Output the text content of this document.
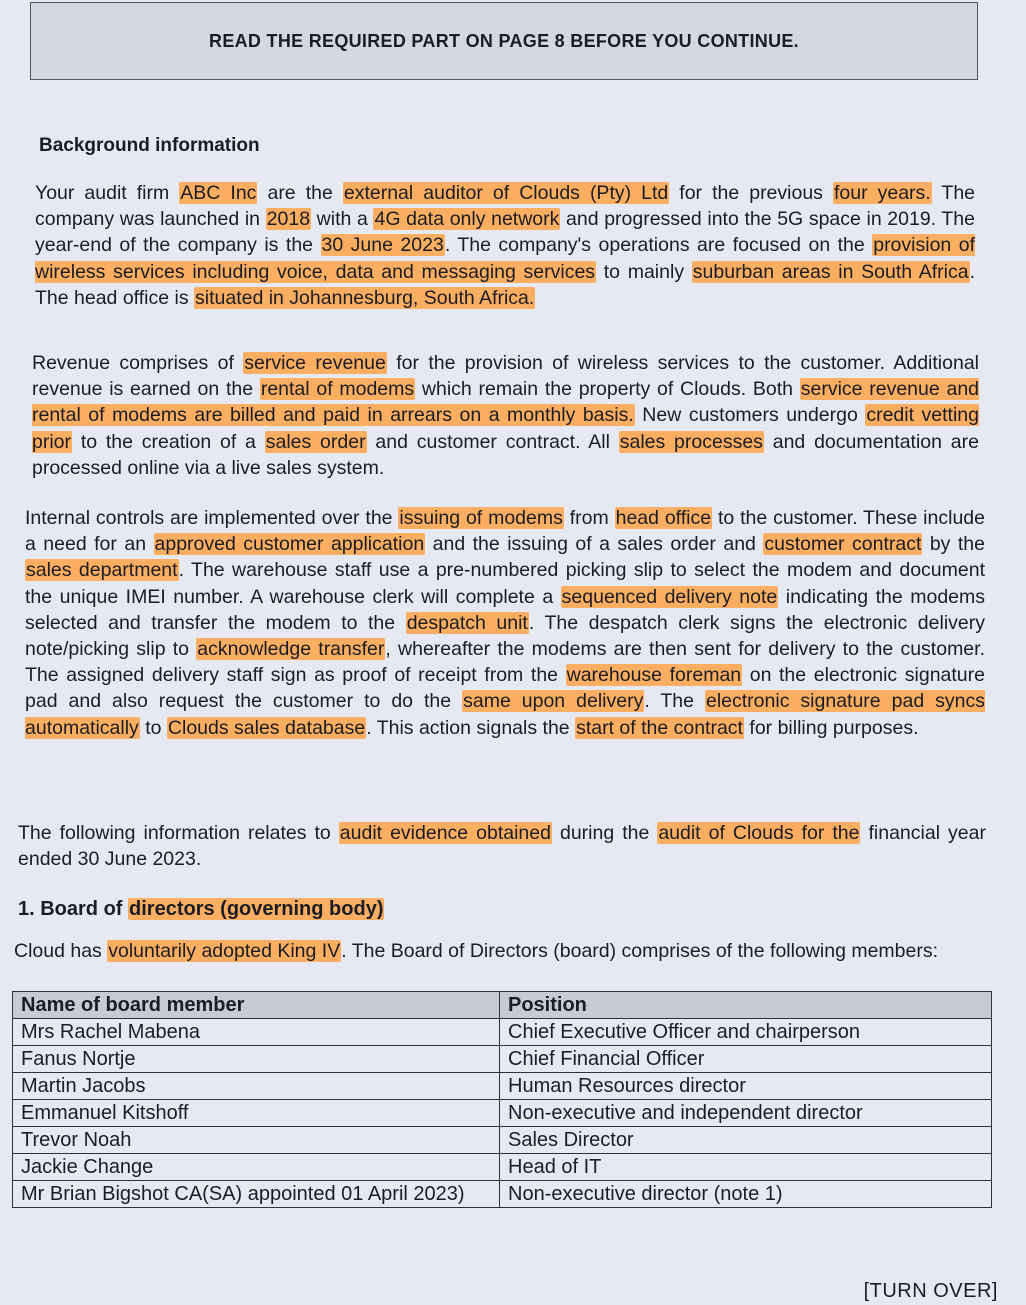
READ THE REQUIRED PART ON PAGE 8 BEFORE YOU CONTINUE.
Background information

Your audit firm ABC Inc are the external auditor of Clouds (Pty) Ltd for the previous four years. The company was launched in 2018 with a 4G data only network and progressed into the 5G space in 2019. The year-end of the company is the 30 June 2023. The company's operations are focused on the provision of wireless services including voice, data and messaging services to mainly suburban areas in South Africa. The head office is situated in Johannesburg, South Africa.

Revenue comprises of service revenue for the provision of wireless services to the customer. Additional revenue is earned on the rental of modems which remain the property of Clouds. Both service revenue and rental of modems are billed and paid in arrears on a monthly basis. New customers undergo credit vetting prior to the creation of a sales order and customer contract. All sales processes and documentation are processed online via a live sales system.

Internal controls are implemented over the issuing of modems from head office to the customer. These include a need for an approved customer application and the issuing of a sales order and customer contract by the sales department. The warehouse staff use a pre-numbered picking slip to select the modem and document the unique IMEI number. A warehouse clerk will complete a sequenced delivery note indicating the modems selected and transfer the modem to the despatch unit. The despatch clerk signs the electronic delivery note/picking slip to acknowledge transfer, whereafter the modems are then sent for delivery to the customer. The assigned delivery staff sign as proof of receipt from the warehouse foreman on the electronic signature pad and also request the customer to do the same upon delivery. The electronic signature pad syncs automatically to Clouds sales database. This action signals the start of the contract for billing purposes.

The following information relates to audit evidence obtained during the audit of Clouds for the financial year ended 30 June 2023.

1. Board of directors (governing body)

Cloud has voluntarily adopted King IV. The Board of Directors (board) comprises of the following members:

Name of board member	Position
Mrs Rachel Mabena	Chief Executive Officer and chairperson
Fanus Nortje	Chief Financial Officer
Martin Jacobs	Human Resources director
Emmanuel Kitshoff	Non-executive and independent director
Trevor Noah	Sales Director
Jackie Change	Head of IT
Mr Brian Bigshot CA(SA) appointed 01 April 2023)	Non-executive director (note 1)
[TURN OVER]
